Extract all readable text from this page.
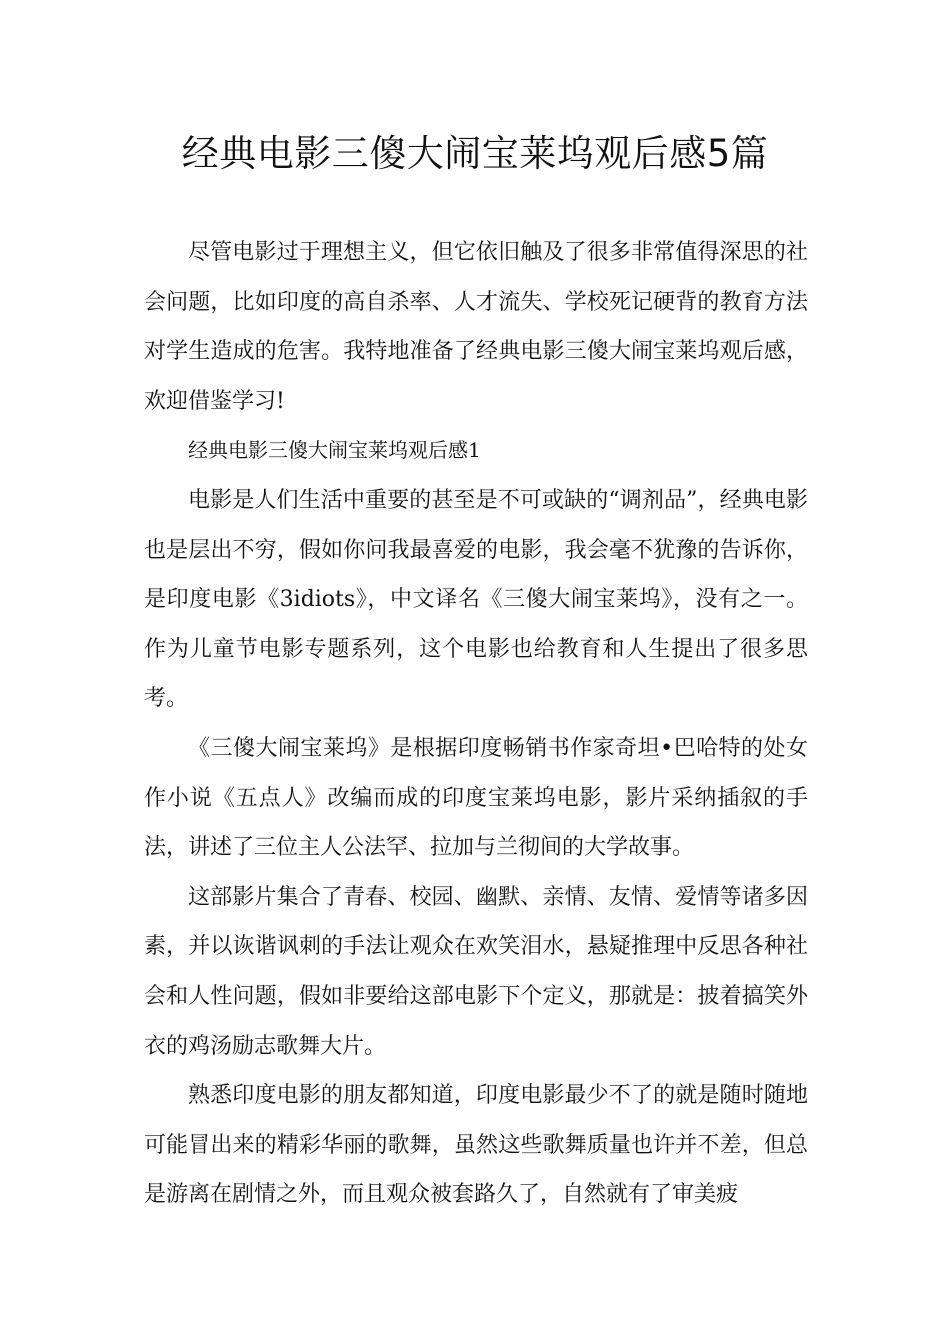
经典电影三傻大闹宝莱坞观后感5篇

尽管电影过于理想主义，但它依旧触及了很多非常值得深思的社会问题，比如印度的高自杀率、人才流失、学校死记硬背的教育方法对学生造成的危害。我特地准备了经典电影三傻大闹宝莱坞观后感，欢迎借鉴学习!

经典电影三傻大闹宝莱坞观后感1

电影是人们生活中重要的甚至是不可或缺的“调剂品”，经典电影也是层出不穷，假如你问我最喜爱的电影，我会毫不犹豫的告诉你，是印度电影《3idiots》，中文译名《三傻大闹宝莱坞》，没有之一。作为儿童节电影专题系列，这个电影也给教育和人生提出了很多思考。

《三傻大闹宝莱坞》是根据印度畅销书作家奇坦•巴哈特的处女作小说《五点人》改编而成的印度宝莱坞电影，影片采纳插叙的手法，讲述了三位主人公法罕、拉加与兰彻间的大学故事。

这部影片集合了青春、校园、幽默、亲情、友情、爱情等诸多因素，并以诙谐讽刺的手法让观众在欢笑泪水，悬疑推理中反思各种社会和人性问题，假如非要给这部电影下个定义，那就是：披着搞笑外衣的鸡汤励志歌舞大片。

熟悉印度电影的朋友都知道，印度电影最少不了的就是随时随地可能冒出来的精彩华丽的歌舞，虽然这些歌舞质量也许并不差，但总是游离在剧情之外，而且观众被套路久了，自然就有了审美疲
